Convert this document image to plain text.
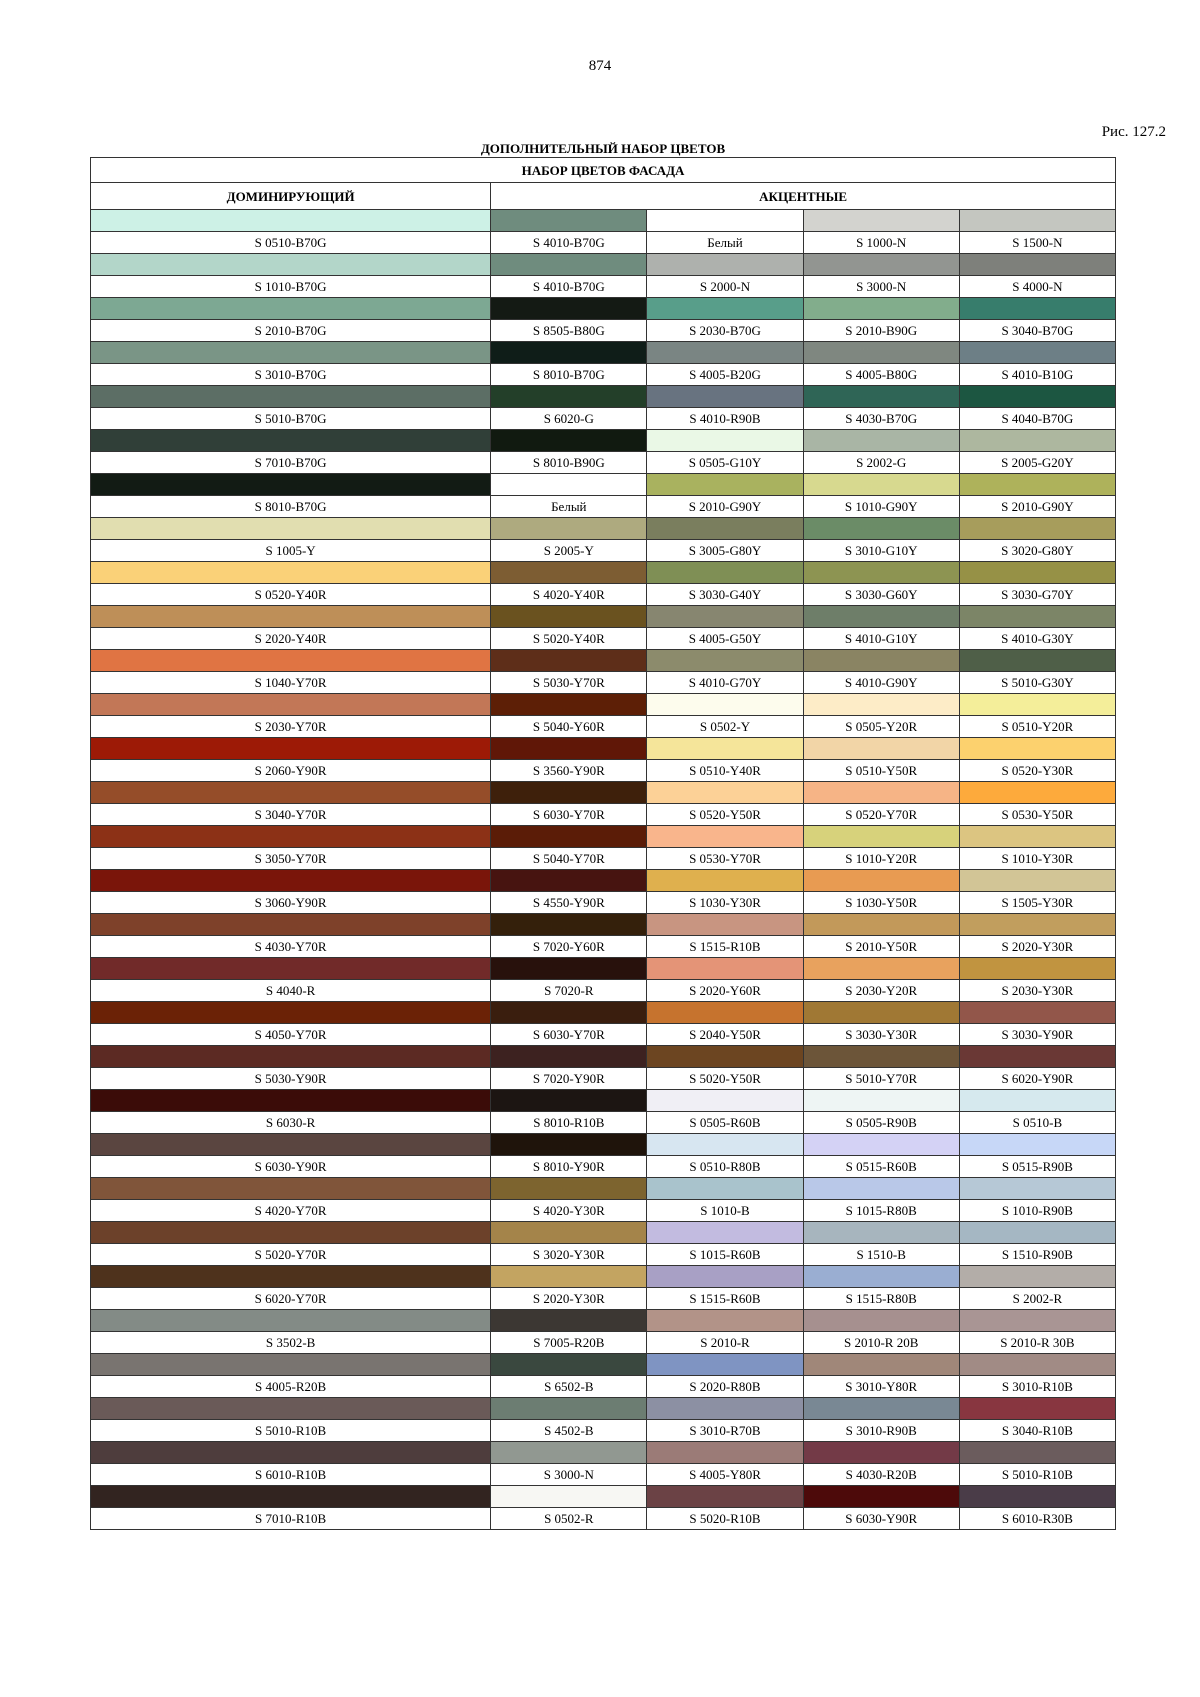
874
Рис. 127.2
ДОПОЛНИТЕЛЬНЫЙ НАБОР ЦВЕТОВ
НАБОР ЦВЕТОВ ФАСАДА				
ДОМИНИРУЮЩИЙ	АКЦЕНТНЫЕ			

S 0510-B70G	S 4010-B70G	Белый	S 1000-N	S 1500-N

S 1010-B70G	S 4010-B70G	S 2000-N	S 3000-N	S 4000-N

S 2010-B70G	S 8505-B80G	S 2030-B70G	S 2010-B90G	S 3040-B70G

S 3010-B70G	S 8010-B70G	S 4005-B20G	S 4005-B80G	S 4010-B10G

S 5010-B70G	S 6020-G	S 4010-R90B	S 4030-B70G	S 4040-B70G

S 7010-B70G	S 8010-B90G	S 0505-G10Y	S 2002-G	S 2005-G20Y

S 8010-B70G	Белый	S 2010-G90Y	S 1010-G90Y	S 2010-G90Y

S 1005-Y	S 2005-Y	S 3005-G80Y	S 3010-G10Y	S 3020-G80Y

S 0520-Y40R	S 4020-Y40R	S 3030-G40Y	S 3030-G60Y	S 3030-G70Y

S 2020-Y40R	S 5020-Y40R	S 4005-G50Y	S 4010-G10Y	S 4010-G30Y

S 1040-Y70R	S 5030-Y70R	S 4010-G70Y	S 4010-G90Y	S 5010-G30Y

S 2030-Y70R	S 5040-Y60R	S 0502-Y	S 0505-Y20R	S 0510-Y20R

S 2060-Y90R	S 3560-Y90R	S 0510-Y40R	S 0510-Y50R	S 0520-Y30R

S 3040-Y70R	S 6030-Y70R	S 0520-Y50R	S 0520-Y70R	S 0530-Y50R

S 3050-Y70R	S 5040-Y70R	S 0530-Y70R	S 1010-Y20R	S 1010-Y30R

S 3060-Y90R	S 4550-Y90R	S 1030-Y30R	S 1030-Y50R	S 1505-Y30R

S 4030-Y70R	S 7020-Y60R	S 1515-R10B	S 2010-Y50R	S 2020-Y30R

S 4040-R	S 7020-R	S 2020-Y60R	S 2030-Y20R	S 2030-Y30R

S 4050-Y70R	S 6030-Y70R	S 2040-Y50R	S 3030-Y30R	S 3030-Y90R

S 5030-Y90R	S 7020-Y90R	S 5020-Y50R	S 5010-Y70R	S 6020-Y90R

S 6030-R	S 8010-R10B	S 0505-R60B	S 0505-R90B	S 0510-B

S 6030-Y90R	S 8010-Y90R	S 0510-R80B	S 0515-R60B	S 0515-R90B

S 4020-Y70R	S 4020-Y30R	S 1010-B	S 1015-R80B	S 1010-R90B

S 5020-Y70R	S 3020-Y30R	S 1015-R60B	S 1510-B	S 1510-R90B

S 6020-Y70R	S 2020-Y30R	S 1515-R60B	S 1515-R80B	S 2002-R

S 3502-B	S 7005-R20B	S 2010-R	S 2010-R 20B	S 2010-R 30B

S 4005-R20B	S 6502-B	S 2020-R80B	S 3010-Y80R	S 3010-R10B

S 5010-R10B	S 4502-B	S 3010-R70B	S 3010-R90B	S 3040-R10B

S 6010-R10B	S 3000-N	S 4005-Y80R	S 4030-R20B	S 5010-R10B

S 7010-R10B	S 0502-R	S 5020-R10B	S 6030-Y90R	S 6010-R30B
